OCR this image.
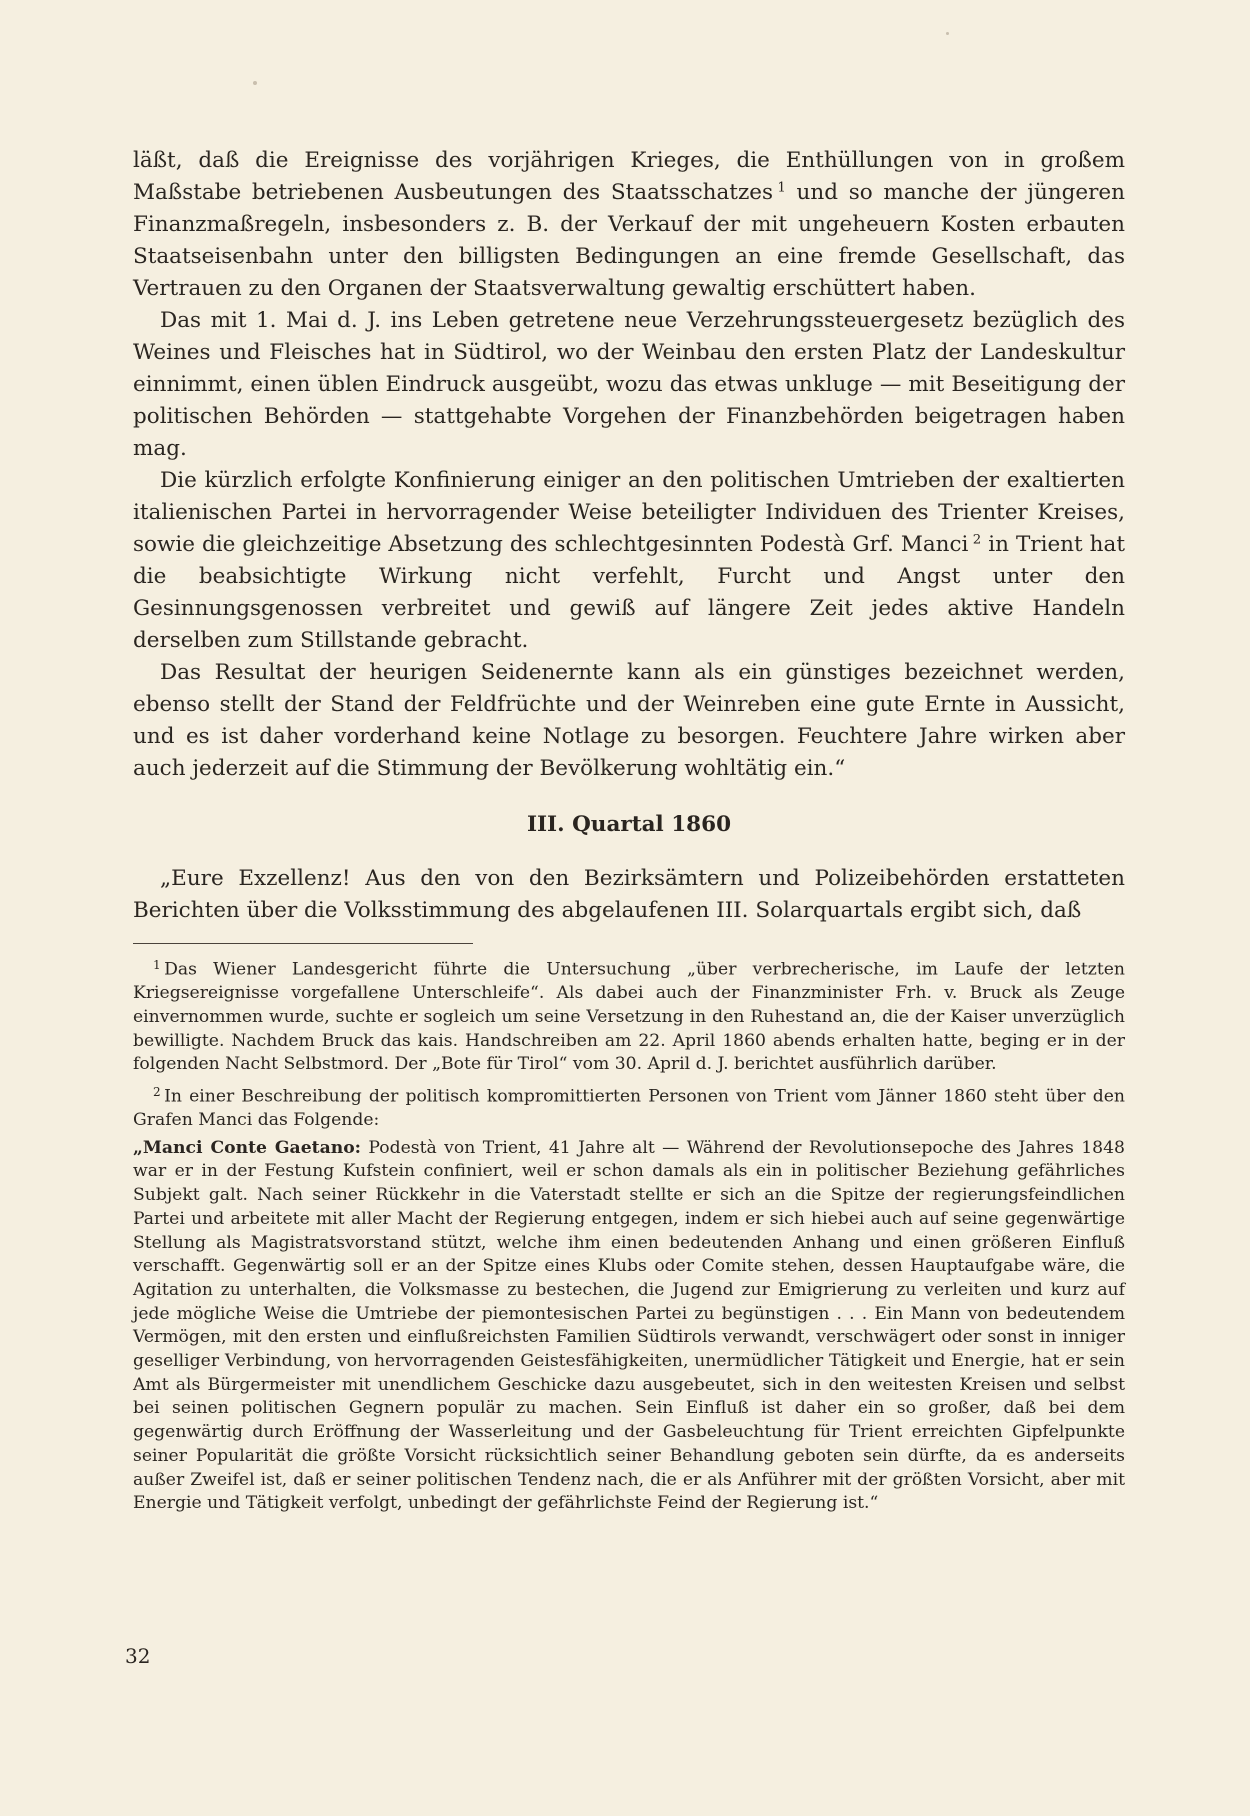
läßt, daß die Ereignisse des vorjährigen Krieges, die Enthüllungen von in großem Maßstabe betriebenen Ausbeutungen des Staatsschatzes  $^1$ und so manche der jüngeren Finanzmaßregeln, insbesonders z. B. der Verkauf der mit ungeheuern Kosten erbauten Staatseisenbahn unter den billigsten Bedingungen an eine fremde Gesellschaft, das Vertrauen zu den Organen der Staatsverwaltung gewaltig erschüttert haben.

Das mit 1. Mai d. J. ins Leben getretene neue Verzehrungssteuergesetz bezüglich des Weines und Fleisches hat in Südtirol, wo der Weinbau den ersten Platz der Landeskultur einnimmt, einen üblen Eindruck ausgeübt, wozu das etwas unkluge — mit Beseitigung der politischen Behörden — stattgehabte Vorgehen der Finanzbehörden beigetragen haben mag.

Die kürzlich erfolgte Konfinierung einiger an den politischen Umtrieben der exaltierten italienischen Partei in hervorragender Weise beteiligter Individuen des Trienter Kreises, sowie die gleichzeitige Absetzung des schlechtgesinnten Podestà Grf. Manci  $^2$ in Trient hat die beabsichtigte Wirkung nicht verfehlt, Furcht und Angst unter den Gesinnungsgenossen verbreitet und gewiß auf längere Zeit jedes aktive Handeln derselben zum Stillstande gebracht.

Das Resultat der heurigen Seidenernte kann als ein günstiges bezeichnet werden, ebenso stellt der Stand der Feldfrüchte und der Weinreben eine gute Ernte in Aussicht, und es ist daher vorderhand keine Notlage zu besorgen. Feuchtere Jahre wirken aber auch jederzeit auf die Stimmung der Bevölkerung wohltätig ein.“

III. Quartal 1860

„Eure Exzellenz! Aus den von den Bezirksämtern und Polizeibehörden erstatteten Berichten über die Volksstimmung des abgelaufenen III. Solarquartals ergibt sich, daß

$^1$  Das Wiener Landesgericht führte die Untersuchung „über verbrecherische, im Laufe der letzten Kriegsereignisse vorgefallene Unterschleife“. Als dabei auch der Finanzminister Frh. v. Bruck als Zeuge einvernommen wurde, suchte er sogleich um seine Versetzung in den Ruhestand an, die der Kaiser unverzüglich bewilligte. Nachdem Bruck das kais. Handschreiben am 22. April 1860 abends erhalten hatte, beging er in der folgenden Nacht Selbstmord. Der „Bote für Tirol“ vom 30. April d. J. berichtet ausführlich darüber.

$^2$  In einer Beschreibung der politisch kompromittierten Personen von Trient vom Jänner 1860 steht über den Grafen Manci das Folgende:

„Manci Conte Gaetano: Podestà von Trient, 41 Jahre alt — Während der Revolutionsepoche des Jahres 1848 war er in der Festung Kufstein confiniert, weil er schon damals als ein in politischer Beziehung gefährliches Subjekt galt. Nach seiner Rückkehr in die Vaterstadt stellte er sich an die Spitze der regierungsfeindlichen Partei und arbeitete mit aller Macht der Regierung entgegen, indem er sich hiebei auch auf seine gegenwärtige Stellung als Magistratsvorstand stützt, welche ihm einen bedeutenden Anhang und einen größeren Einfluß verschafft. Gegenwärtig soll er an der Spitze eines Klubs oder Comite stehen, dessen Hauptaufgabe wäre, die Agitation zu unterhalten, die Volksmasse zu bestechen, die Jugend zur Emigrierung zu verleiten und kurz auf jede mögliche Weise die Umtriebe der piemontesischen Partei zu begünstigen . . . Ein Mann von bedeutendem Vermögen, mit den ersten und einflußreichsten Familien Südtirols verwandt, verschwägert oder sonst in inniger geselliger Verbindung, von hervorragenden Geistesfähigkeiten, unermüdlicher Tätigkeit und Energie, hat er sein Amt als Bürgermeister mit unendlichem Geschicke dazu ausgebeutet, sich in den weitesten Kreisen und selbst bei seinen politischen Gegnern populär zu machen. Sein Einfluß ist daher ein so großer, daß bei dem gegenwärtig durch Eröffnung der Wasserleitung und der Gasbeleuchtung für Trient erreichten Gipfelpunkte seiner Popularität die größte Vorsicht rücksichtlich seiner Behandlung geboten sein dürfte, da es anderseits außer Zweifel ist, daß er seiner politischen Tendenz nach, die er als Anführer mit der größten Vorsicht, aber mit Energie und Tätigkeit verfolgt, unbedingt der gefährlichste Feind der Regierung ist.“

32
